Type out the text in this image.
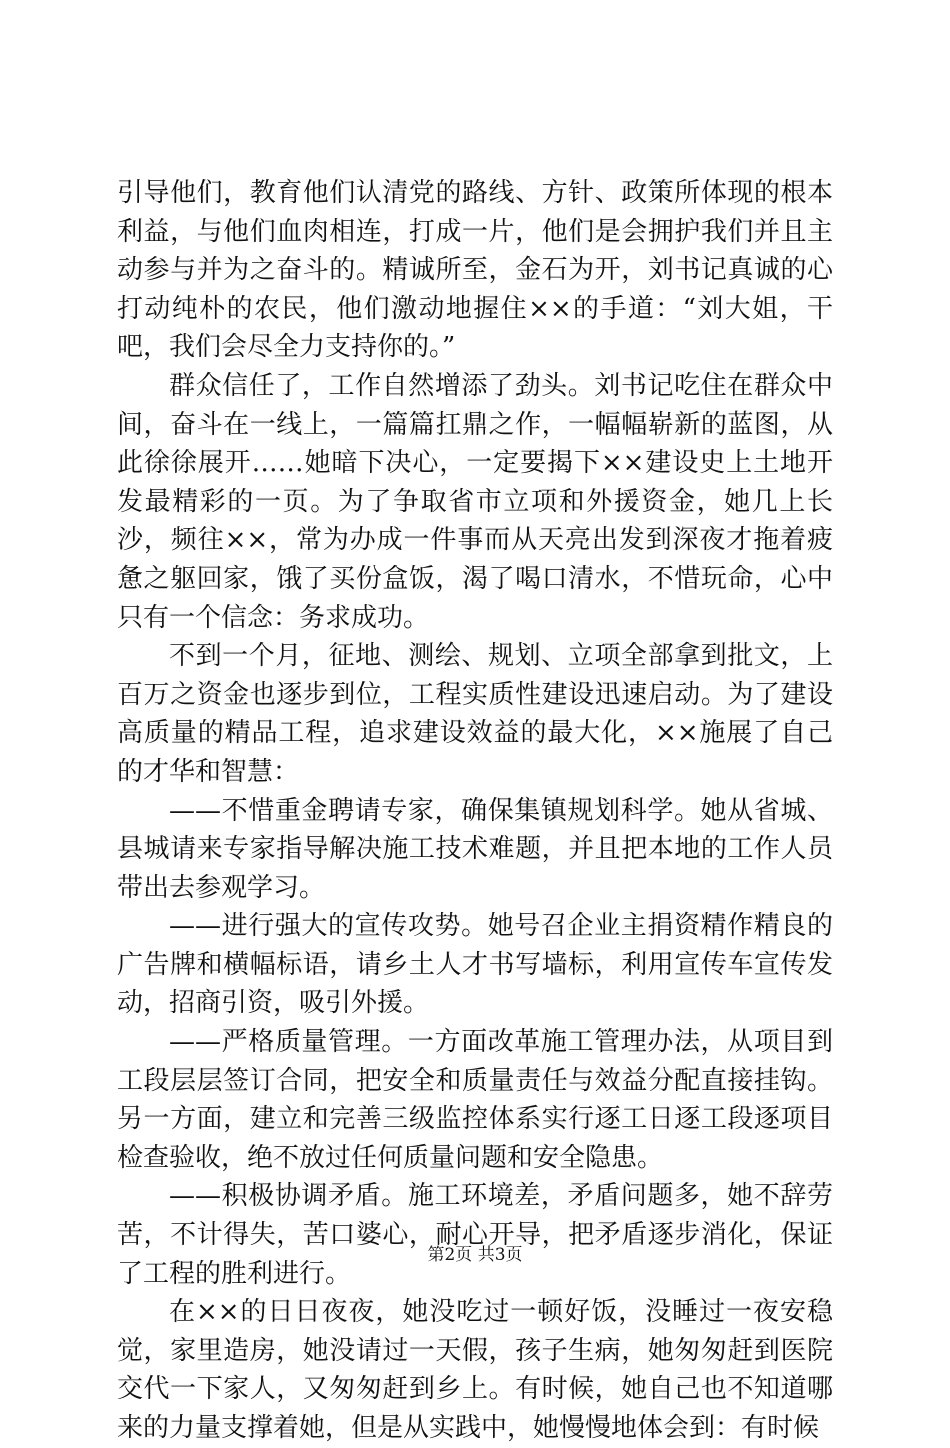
引导他们，教育他们认清党的路线、方针、政策所体现的根本利益，与他们血肉相连，打成一片，他们是会拥护我们并且主动参与并为之奋斗的。精诚所至，金石为开，刘书记真诚的心打动纯朴的农民，他们激动地握住××的手道：“刘大姐，干吧，我们会尽全力支持你的。”

群众信任了，工作自然增添了劲头。刘书记吃住在群众中间，奋斗在一线上，一篇篇扛鼎之作，一幅幅崭新的蓝图，从此徐徐展开……她暗下决心，一定要揭下××建设史上土地开发最精彩的一页。为了争取省市立项和外援资金，她几上长沙，频往××，常为办成一件事而从天亮出发到深夜才拖着疲惫之躯回家，饿了买份盒饭，渴了喝口清水，不惜玩命，心中只有一个信念：务求成功。

不到一个月，征地、测绘、规划、立项全部拿到批文，上百万之资金也逐步到位，工程实质性建设迅速启动。为了建设高质量的精品工程，追求建设效益的最大化，××施展了自己的才华和智慧：

——不惜重金聘请专家，确保集镇规划科学。她从省城、县城请来专家指导解决施工技术难题，并且把本地的工作人员带出去参观学习。

——进行强大的宣传攻势。她号召企业主捐资精作精良的广告牌和横幅标语，请乡土人才书写墙标，利用宣传车宣传发动，招商引资，吸引外援。

——严格质量管理。一方面改革施工管理办法，从项目到工段层层签订合同，把安全和质量责任与效益分配直接挂钩。另一方面，建立和完善三级监控体系实行逐工日逐工段逐项目检查验收，绝不放过任何质量问题和安全隐患。

——积极协调矛盾。施工环境差，矛盾问题多，她不辞劳苦，不计得失，苦口婆心，耐心开导，把矛盾逐步消化，保证了工程的胜利进行。

在××的日日夜夜，她没吃过一顿好饭，没睡过一夜安稳觉，家里造房，她没请过一天假，孩子生病，她匆匆赶到医院交代一下家人，又匆匆赶到乡上。有时候，她自己也不知道哪来的力量支撑着她，但是从实践中，她慢慢地体会到：有时候

第2页 共3页
